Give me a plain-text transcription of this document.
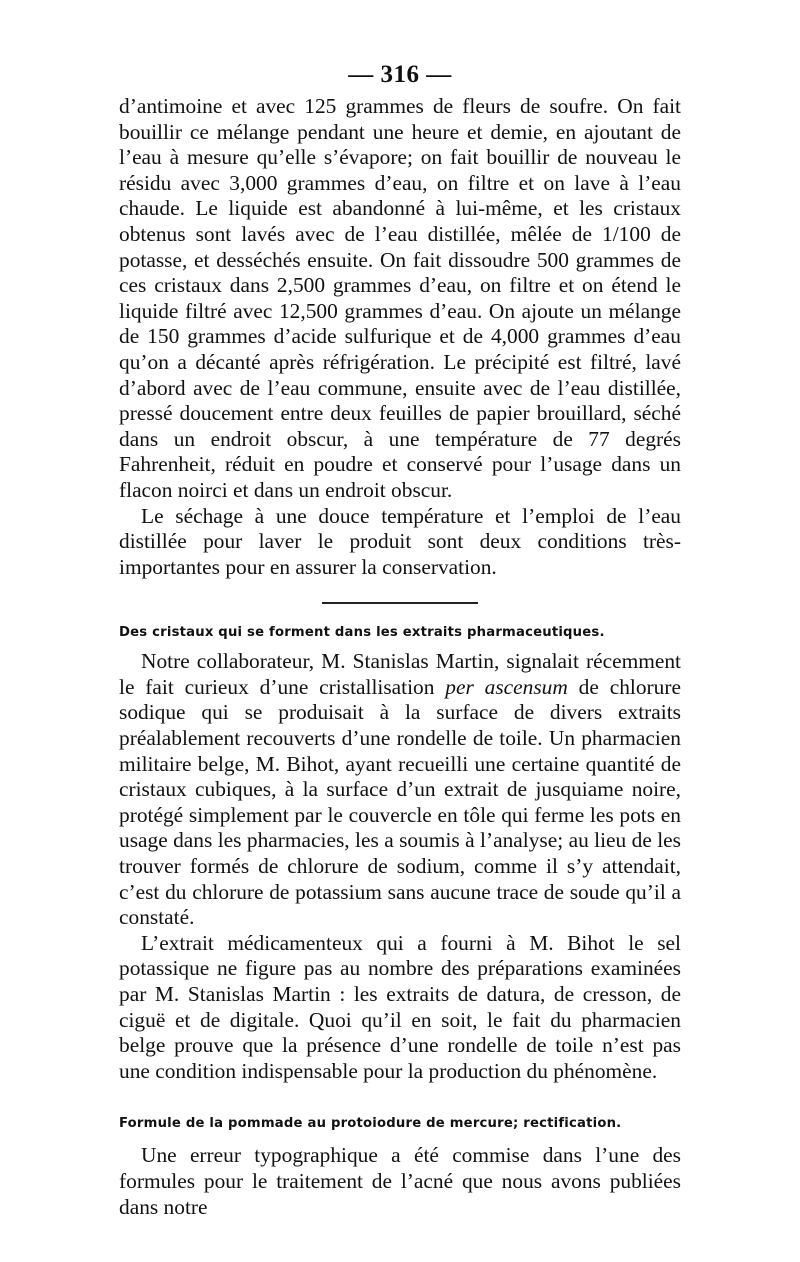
— 316 —

d’antimoine et avec 125 grammes de fleurs de soufre. On fait bouillir ce mélange pendant une heure et demie, en ajoutant de l’eau à mesure qu’elle s’évapore; on fait bouillir de nouveau le résidu avec 3,000 grammes d’eau, on filtre et on lave à l’eau chaude. Le liquide est abandonné à lui-même, et les cristaux obtenus sont lavés avec de l’eau distillée, mêlée de 1/100 de potasse, et desséchés ensuite. On fait dissoudre 500 grammes de ces cristaux dans 2,500 grammes d’eau, on filtre et on étend le liquide filtré avec 12,500 grammes d’eau. On ajoute un mélange de 150 grammes d’acide sulfurique et de 4,000 grammes d’eau qu’on a décanté après réfrigération. Le précipité est filtré, lavé d’abord avec de l’eau commune, ensuite avec de l’eau distillée, pressé doucement entre deux feuilles de papier brouillard, séché dans un endroit obscur, à une température de 77 degrés Fahrenheit, réduit en poudre et conservé pour l’usage dans un flacon noirci et dans un endroit obscur.

Le séchage à une douce température et l’emploi de l’eau distillée pour laver le produit sont deux conditions très-importantes pour en assurer la conservation.

Des cristaux qui se forment dans les extraits pharmaceutiques.

Notre collaborateur, M. Stanislas Martin, signalait récemment le fait curieux d’une cristallisation per ascensum de chlorure sodique qui se produisait à la surface de divers extraits préalablement recouverts d’une rondelle de toile. Un pharmacien militaire belge, M. Bihot, ayant recueilli une certaine quantité de cristaux cubiques, à la surface d’un extrait de jusquiame noire, protégé simplement par le couvercle en tôle qui ferme les pots en usage dans les pharmacies, les a soumis à l’analyse; au lieu de les trouver formés de chlorure de sodium, comme il s’y attendait, c’est du chlorure de potassium sans aucune trace de soude qu’il a constaté.

L’extrait médicamenteux qui a fourni à M. Bihot le sel potassique ne figure pas au nombre des préparations examinées par M. Stanislas Martin : les extraits de datura, de cresson, de ciguë et de digitale. Quoi qu’il en soit, le fait du pharmacien belge prouve que la présence d’une rondelle de toile n’est pas une condition indispensable pour la production du phénomène.

Formule de la pommade au protoiodure de mercure; rectification.

Une erreur typographique a été commise dans l’une des formules pour le traitement de l’acné que nous avons publiées dans notre
